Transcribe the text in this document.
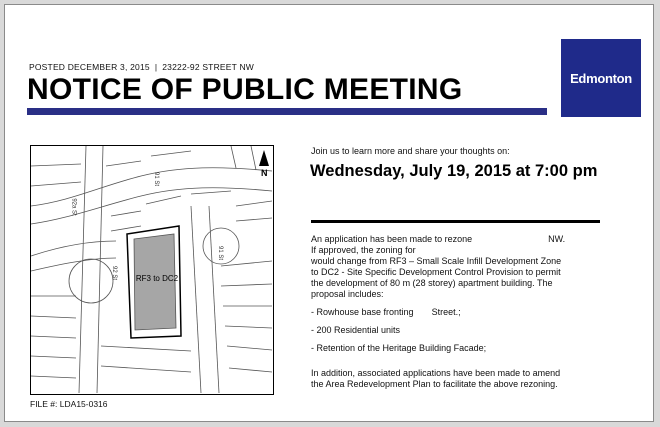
POSTED DECEMBER 3, 2015 | 23222-92 STREET NW
NOTICE OF PUBLIC MEETING	Edmonton
RF3 to DC2
N
92a St
91 St
92 St
91 St
FILE #: LDA15-0316
Join us to learn more and share your thoughts on:
Wednesday, July 19, 2015 at 7:00 pm

An application has been made to rezone	NW.

If approved, the zoning for

would change from RF3 – Small Scale Infill Development Zone

to DC2 - Site Specific Development Control Provision to permit

the development of 80 m (28 storey) apartment building. The

proposal includes:

- Rowhouse base fronting Street.;

- 200 Residential units

- Retention of the Heritage Building Facade;

In addition, associated applications have been made to amend

the Area Redevelopment Plan to facilitate the above rezoning.
